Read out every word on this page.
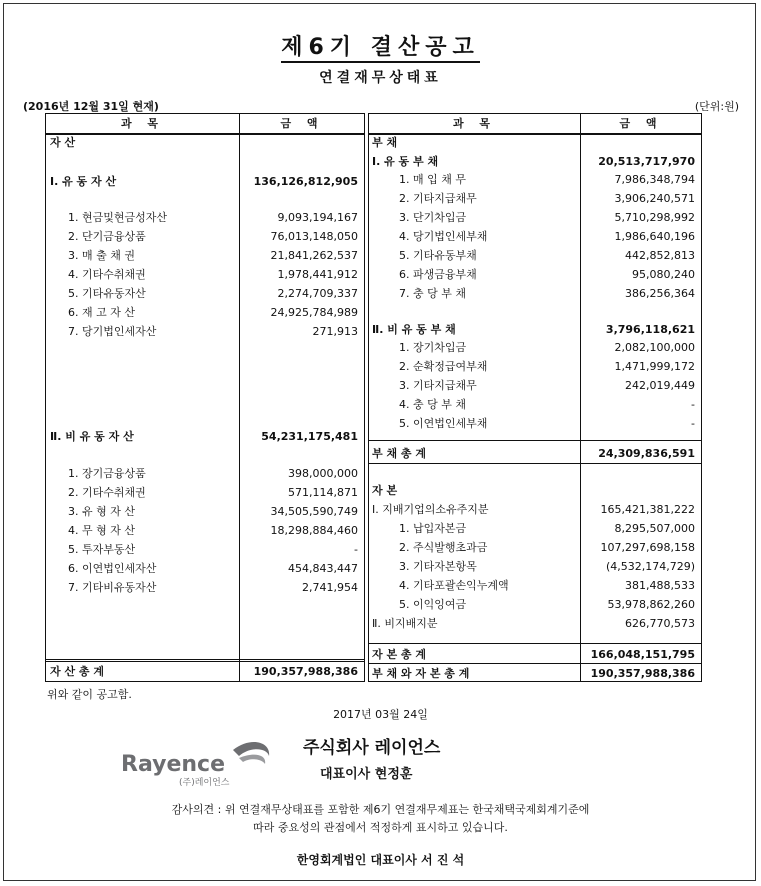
제6기 결산공고
연결재무상태표
(2016년 12월 31일 현재)	(단위:원)
과 목	금 액
자 산
Ⅰ. 유 동 자 산	136,126,812,905
1. 현금및현금성자산	9,093,194,167
2. 단기금융상품	76,013,148,050
3. 매 출 채 권	21,841,262,537
4. 기타수취채권	1,978,441,912
5. 기타유동자산	2,274,709,337
6. 재 고 자 산	24,925,784,989
7. 당기법인세자산	271,913
Ⅱ. 비 유 동 자 산	54,231,175,481
1. 장기금융상품	398,000,000
2. 기타수취채권	571,114,871
3. 유 형 자 산	34,505,590,749
4. 무 형 자 산	18,298,884,460
5. 투자부동산	-
6. 이연법인세자산	454,843,447
7. 기타비유동자산	2,741,954
자 산 총 계	190,357,988,386
과 목	금 액
부 채
Ⅰ. 유 동 부 채	20,513,717,970
1. 매 입 채 무	7,986,348,794
2. 기타지급채무	3,906,240,571
3. 단기차입금	5,710,298,992
4. 당기법인세부채	1,986,640,196
5. 기타유동부채	442,852,813
6. 파생금융부채	95,080,240
7. 충 당 부 채	386,256,364
Ⅱ. 비 유 동 부 채	3,796,118,621
1. 장기차입금	2,082,100,000
2. 순확정급여부채	1,471,999,172
3. 기타지급채무	242,019,449
4. 충 당 부 채	-
5. 이연법인세부채	-
부 채 총 계	24,309,836,591
자 본
Ⅰ. 지배기업의소유주지분	165,421,381,222
1. 납입자본금	8,295,507,000
2. 주식발행초과금	107,297,698,158
3. 기타자본항목	(4,532,174,729)
4. 기타포괄손익누계액	381,488,533
5. 이익잉여금	53,978,862,260
Ⅱ. 비지배지분	626,770,573
자 본 총 계	166,048,151,795
부 채 와 자 본 총 계	190,357,988,386
위와 같이 공고함.
2017년 03월 24일
Rayence
(주)레이언스
주식회사 레이언스
대표이사 현정훈
감사의견 : 위 연결재무상태표를 포함한 제6기 연결재무제표는 한국채택국제회계기준에
따라 중요성의 관점에서 적정하게 표시하고 있습니다.
한영회계법인 대표이사 서 진 석
